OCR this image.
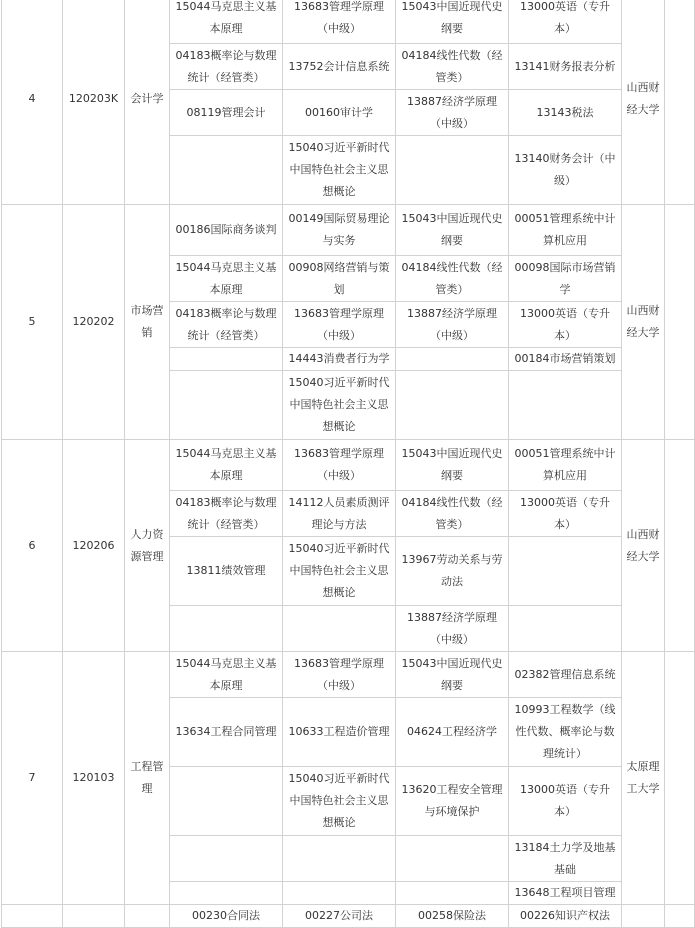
4	120203K	会计学	15044马克思主义基本原理	13683管理学原理（中级）	15043中国近现代史纲要	13000英语（专升本）	山西财经大学	
			04183概率论与数理统计（经管类）	13752会计信息系统	04184线性代数（经管类）	13141财务报表分析		
			08119管理会计	00160审计学	13887经济学原理（中级）	13143税法		
				15040习近平新时代中国特色社会主义思想概论		13140财务会计（中级）		
5	120202	市场营销	00186国际商务谈判	00149国际贸易理论与实务	15043中国近现代史纲要	00051管理系统中计算机应用	山西财经大学	
			15044马克思主义基本原理	00908网络营销与策划	04184线性代数（经管类）	00098国际市场营销学		
			04183概率论与数理统计（经管类）	13683管理学原理（中级）	13887经济学原理（中级）	13000英语（专升本）		
				14443消费者行为学		00184市场营销策划		
				15040习近平新时代中国特色社会主义思想概论				
6	120206	人力资源管理	15044马克思主义基本原理	13683管理学原理（中级）	15043中国近现代史纲要	00051管理系统中计算机应用	山西财经大学	
			04183概率论与数理统计（经管类）	14112人员素质测评理论与方法	04184线性代数（经管类）	13000英语（专升本）		
			13811绩效管理	15040习近平新时代中国特色社会主义思想概论	13967劳动关系与劳动法			
					13887经济学原理（中级）			
7	120103	工程管理	15044马克思主义基本原理	13683管理学原理（中级）	15043中国近现代史纲要	02382管理信息系统	太原理工大学	
			13634工程合同管理	10633工程造价管理	04624工程经济学	10993工程数学（线性代数、概率论与数理统计）		
				15040习近平新时代中国特色社会主义思想概论	13620工程安全管理与环境保护	13000英语（专升本）		
						13184土力学及地基基础		
						13648工程项目管理		
			00230合同法	00227公司法	00258保险法	00226知识产权法		
